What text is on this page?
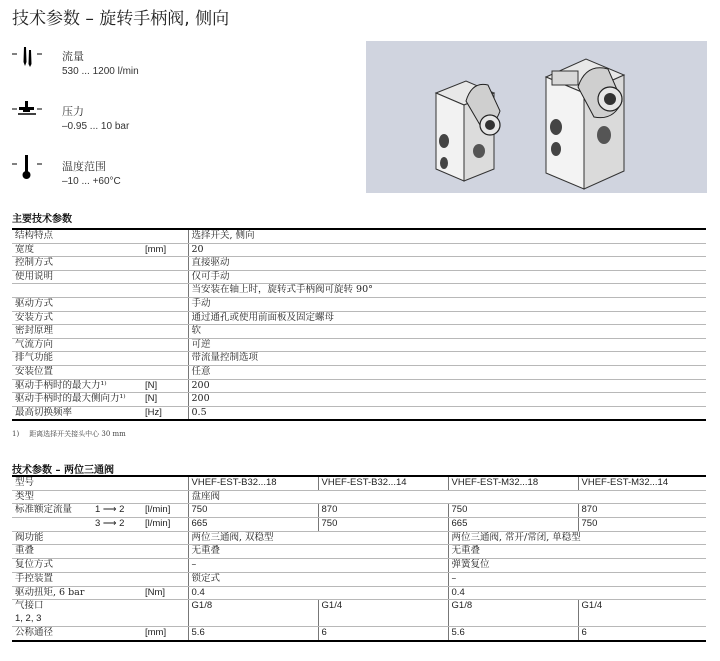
技术参数 – 旋转手柄阀, 侧向
流量
530 ... 1200 l/min
压力
–0.95 ... 10 bar
温度范围
–10 ... +60°C
主要技术参数
结构特点		选择开关, 侧向
宽度	[mm]	20
控制方式		直接驱动
使用说明		仅可手动
		当安装在轴上时，旋转式手柄阀可旋转 90°
驱动方式		手动
安装方式		通过通孔或使用前面板及固定螺母
密封原理		软
气流方向		可逆
排气功能		带流量控制选项
安装位置		任意
驱动手柄时的最大力¹⁾	[N]	200
驱动手柄时的最大侧向力¹⁾	[N]	200
最高切换频率	[Hz]	0.5
1) 距离选择开关接头中心 30 mm
技术参数 – 两位三通阀
型号			VHEF-EST-B32...18	VHEF-EST-B32...14	VHEF-EST-M32...18	VHEF-EST-M32...14
类型			盘座阀			
标准额定流量	1 ⟶ 2	[l/min]	750	870	750	870
	3 ⟶ 2	[l/min]	665	750	665	750
阀功能			两位三通阀, 双稳型		两位三通阀, 常开/常闭, 单稳型	
重叠			无重叠		无重叠	
复位方式			–		弹簧复位	
手控装置			锁定式		–	
驱动扭矩, 6 bar		[Nm]	0.4		0.4	

气接口
1, 2, 3			G1/8	G1/4	G1/8	G1/4
公称通径		[mm]	5.6	6	5.6	6
